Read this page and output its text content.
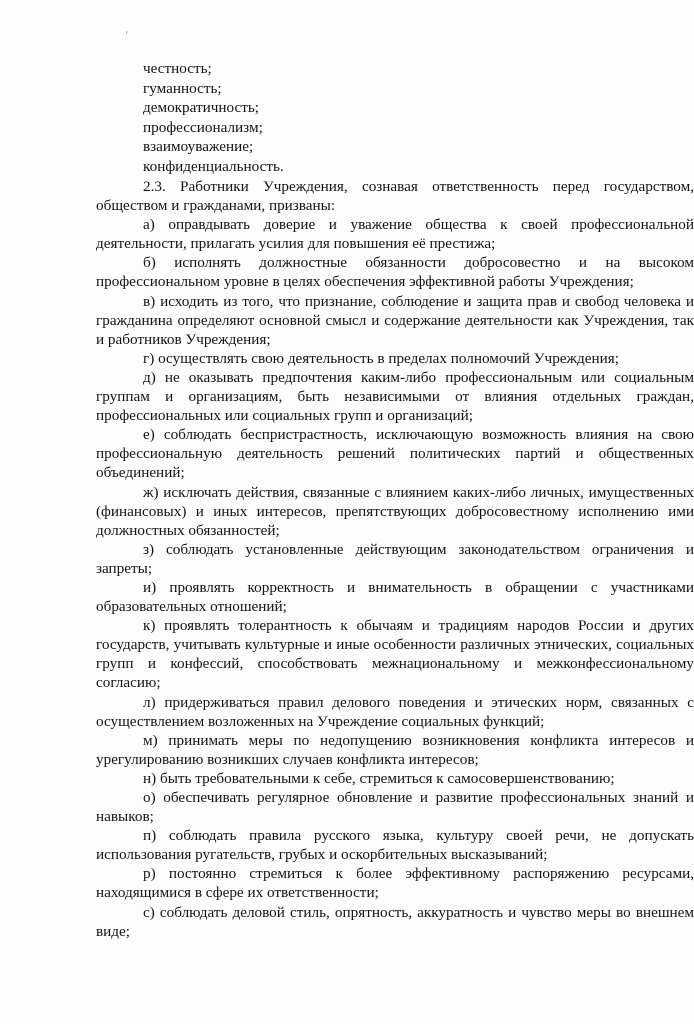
'
честность;
гуманность;
демократичность;
профессионализм;
взаимоуважение;
конфиденциальность.

2.3. Работники Учреждения, сознавая ответственность перед государством, обществом и гражданами, призваны:

а) оправдывать доверие и уважение общества к своей профессиональной деятельности, прилагать усилия для повышения её престижа;

б) исполнять должностные обязанности добросовестно и на высоком профессиональном уровне в целях обеспечения эффективной работы Учреждения;

в) исходить из того, что признание, соблюдение и защита прав и свобод человека и гражданина определяют основной смысл и содержание деятельности как Учреждения, так и работников Учреждения;

г) осуществлять свою деятельность в пределах полномочий Учреждения;

д) не оказывать предпочтения каким-либо профессиональным или социальным группам и организациям, быть независимыми от влияния отдельных граждан, профессиональных или социальных групп и организаций;

е) соблюдать беспристрастность, исключающую возможность влияния на свою профессиональную деятельность решений политических партий и общественных объединений;

ж) исключать действия, связанные с влиянием каких-либо личных, имущественных (финансовых) и иных интересов, препятствующих добросовестному исполнению ими должностных обязанностей;

з) соблюдать установленные действующим законодательством ограничения и запреты;

и) проявлять корректность и внимательность в обращении с участниками образовательных отношений;

к) проявлять толерантность к обычаям и традициям народов России и других государств, учитывать культурные и иные особенности различных этнических, социальных групп и конфессий, способствовать межнациональному и межконфессиональному согласию;

л) придерживаться правил делового поведения и этических норм, связанных с осуществлением возложенных на Учреждение социальных функций;

м) принимать меры по недопущению возникновения конфликта интересов и урегулированию возникших случаев конфликта интересов;

н) быть требовательными к себе, стремиться к самосовершенствованию;

о) обеспечивать регулярное обновление и развитие профессиональных знаний и навыков;

п) соблюдать правила русского языка, культуру своей речи, не допускать использования ругательств, грубых и оскорбительных высказываний;

р) постоянно стремиться к более эффективному распоряжению ресурсами, находящимися в сфере их ответственности;

с) соблюдать деловой стиль, опрятность, аккуратность и чувство меры во внешнем виде;
